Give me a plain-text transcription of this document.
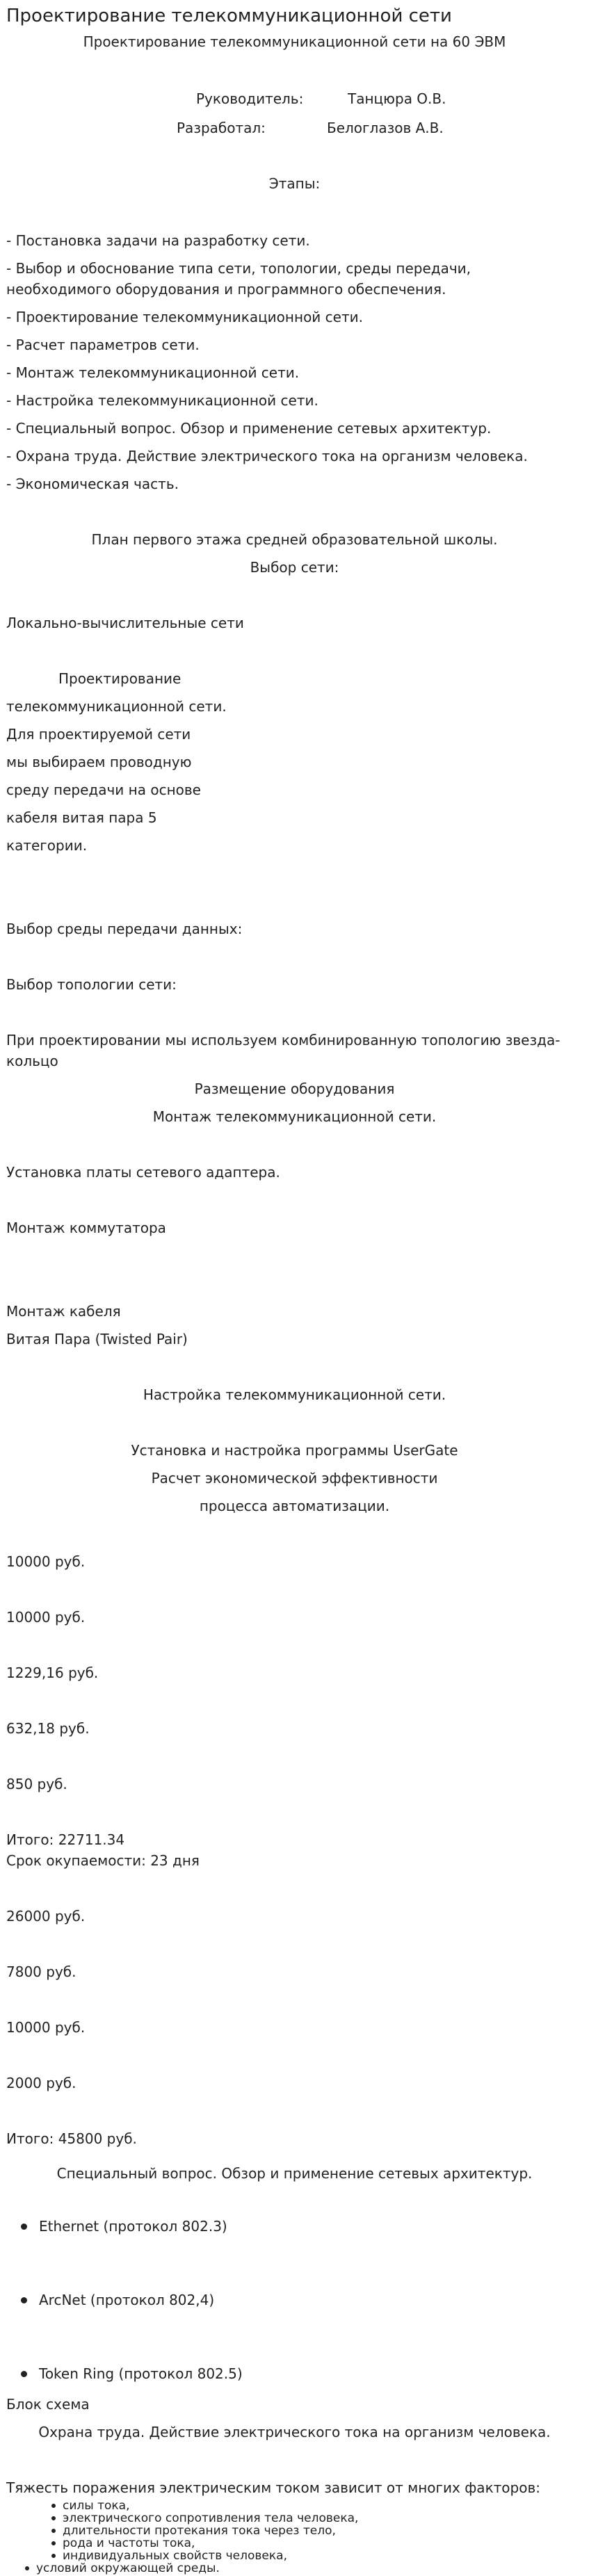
Проектирование телекоммуникационной сети
Проектирование телекоммуникационной сети на 60 ЭВМ
Руководитель:	Танцюра О.В.
Разработал:	Белоглазов А.В.
Этапы:
- Постановка задачи на разработку сети.
- Выбор и обоснование типа сети, топологии, среды передачи,
необходимого оборудования и программного обеспечения.
- Проектирование телекоммуникационной сети.
- Расчет параметров сети.
- Монтаж телекоммуникационной сети.
- Настройка телекоммуникационной сети.
- Специальный вопрос. Обзор и применение сетевых архитектур.
- Охрана труда. Действие электрического тока на организм человека.
- Экономическая часть.
План первого этажа средней образовательной школы.
Выбор сети:
Локально-вычислительные сети
Проектирование
телекоммуникационной сети.
Для проектируемой сети
мы выбираем проводную
среду передачи на основе
кабеля витая пара 5
категории.
Выбор среды передачи данных:
Выбор топологии сети:
При проектировании мы используем комбинированную топологию звезда-
кольцо
Размещение оборудования
Монтаж телекоммуникационной сети.
Установка платы сетевого адаптера.
Монтаж коммутатора
Монтаж кабеля
Витая Пара (Twisted Pair)
Настройка телекоммуникационной сети.
Установка и настройка программы UserGate
Расчет экономической эффективности
процесса автоматизации.
10000 руб.
10000 руб.
1229,16 руб.
632,18 руб.
850 руб.
Итого: 22711.34
Срок окупаемости: 23 дня
26000 руб.
7800 руб.
10000 руб.
2000 руб.
Итого: 45800 руб.
Специальный вопрос. Обзор и применение сетевых архитектур.
Ethernet (протокол 802.3)
ArcNet (протокол 802,4)
Token Ring (протокол 802.5)
Блок схема
Охрана труда. Действие электрического тока на организм человека.
Тяжесть поражения электрическим током зависит от многих факторов:
силы тока,
электрического сопротивления тела человека,
длительности протекания тока через тело,
рода и частоты тока,
индивидуальных свойств человека,
условий окружающей среды.
